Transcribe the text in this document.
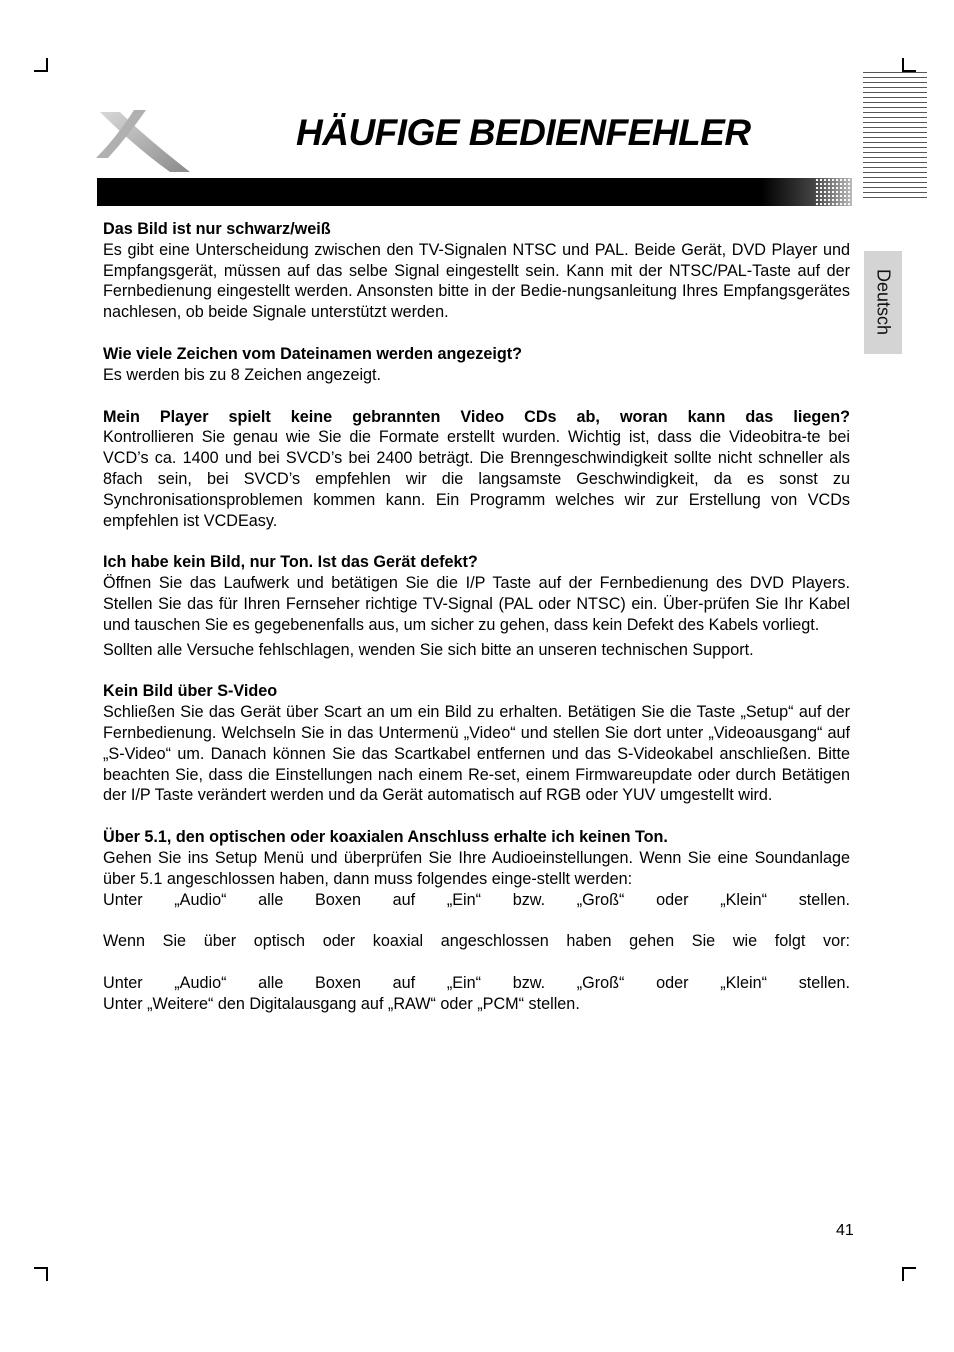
HÄUFIGE BEDIENFEHLER
Deutsch
Das Bild ist nur schwarz/weiß

Es gibt eine Unterscheidung zwischen den TV-Signalen NTSC und PAL. Beide Gerät, DVD Player und Empfangsgerät, müssen auf das selbe Signal eingestellt sein. Kann mit der NTSC/PAL-Taste auf der Fernbedienung eingestellt werden. Ansonsten bitte in der Bedie-nungsanleitung Ihres Empfangsgerätes nachlesen, ob beide Signale unterstützt werden.

Wie viele Zeichen vom Dateinamen werden angezeigt?

Es werden bis zu 8 Zeichen angezeigt.

Mein Player spielt keine gebrannten Video CDs ab, woran kann das liegen?

Kontrollieren Sie genau wie Sie die Formate erstellt wurden. Wichtig ist, dass die Videobitra-te bei VCD’s ca. 1400 und bei SVCD’s bei 2400 beträgt. Die Brenngeschwindigkeit sollte nicht schneller als 8fach sein, bei SVCD’s empfehlen wir die langsamste Geschwindigkeit, da es sonst zu Synchronisationsproblemen kommen kann. Ein Programm welches wir zur Erstellung von VCDs empfehlen ist VCDEasy.

Ich habe kein Bild, nur Ton. Ist das Gerät defekt?

Öffnen Sie das Laufwerk und betätigen Sie die I/P Taste auf der Fernbedienung des DVD Players. Stellen Sie das für Ihren Fernseher richtige TV-Signal (PAL oder NTSC) ein. Über-prüfen Sie Ihr Kabel und tauschen Sie es gegebenenfalls aus, um sicher zu gehen, dass kein Defekt des Kabels vorliegt.

Sollten alle Versuche fehlschlagen, wenden Sie sich bitte an unseren technischen Support.

Kein Bild über S-Video

Schließen Sie das Gerät über Scart an um ein Bild zu erhalten. Betätigen Sie die Taste „Setup“ auf der Fernbedienung. Welchseln Sie in das Untermenü „Video“ und stellen Sie dort unter „Videoausgang“ auf „S-Video“ um. Danach können Sie das Scartkabel entfernen und das S-Videokabel anschließen. Bitte beachten Sie, dass die Einstellungen nach einem Re-set, einem Firmwareupdate oder durch Betätigen der I/P Taste verändert werden und da Gerät automatisch auf RGB oder YUV umgestellt wird.

Über 5.1, den optischen oder koaxialen Anschluss erhalte ich keinen Ton.

Gehen Sie ins Setup Menü und überprüfen Sie Ihre Audioeinstellungen. Wenn Sie eine Soundanlage über 5.1 angeschlossen haben, dann muss folgendes einge-stellt werden:

Unter „Audio“ alle Boxen auf „Ein“ bzw. „Groß“ oder „Klein“ stellen.

Wenn Sie über optisch oder koaxial angeschlossen haben gehen Sie wie folgt vor:

Unter „Audio“ alle Boxen auf „Ein“ bzw. „Groß“ oder „Klein“ stellen.

Unter „Weitere“ den Digitalausgang auf „RAW“ oder „PCM“ stellen.

41
